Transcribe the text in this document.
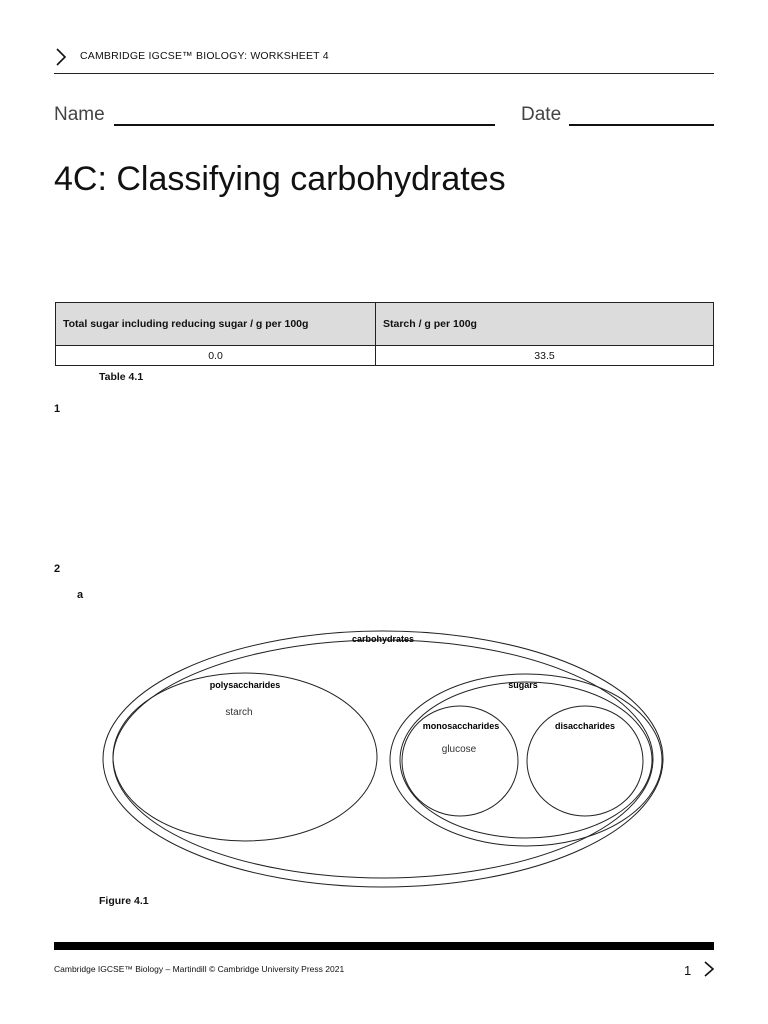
CAMBRIDGE IGCSE™ BIOLOGY: WORKSHEET 4
Name	Date
4C: Classifying carbohydrates
Total sugar including reducing sugar / g per 100g	Starch / g per 100g
0.0	33.5
Table 4.1
1
2
a
carbohydrates
polysaccharides
starch
sugars
monosaccharides
glucose
disaccharides
Figure 4.1
Cambridge IGCSE™ Biology – Martindill © Cambridge University Press 2021	1
